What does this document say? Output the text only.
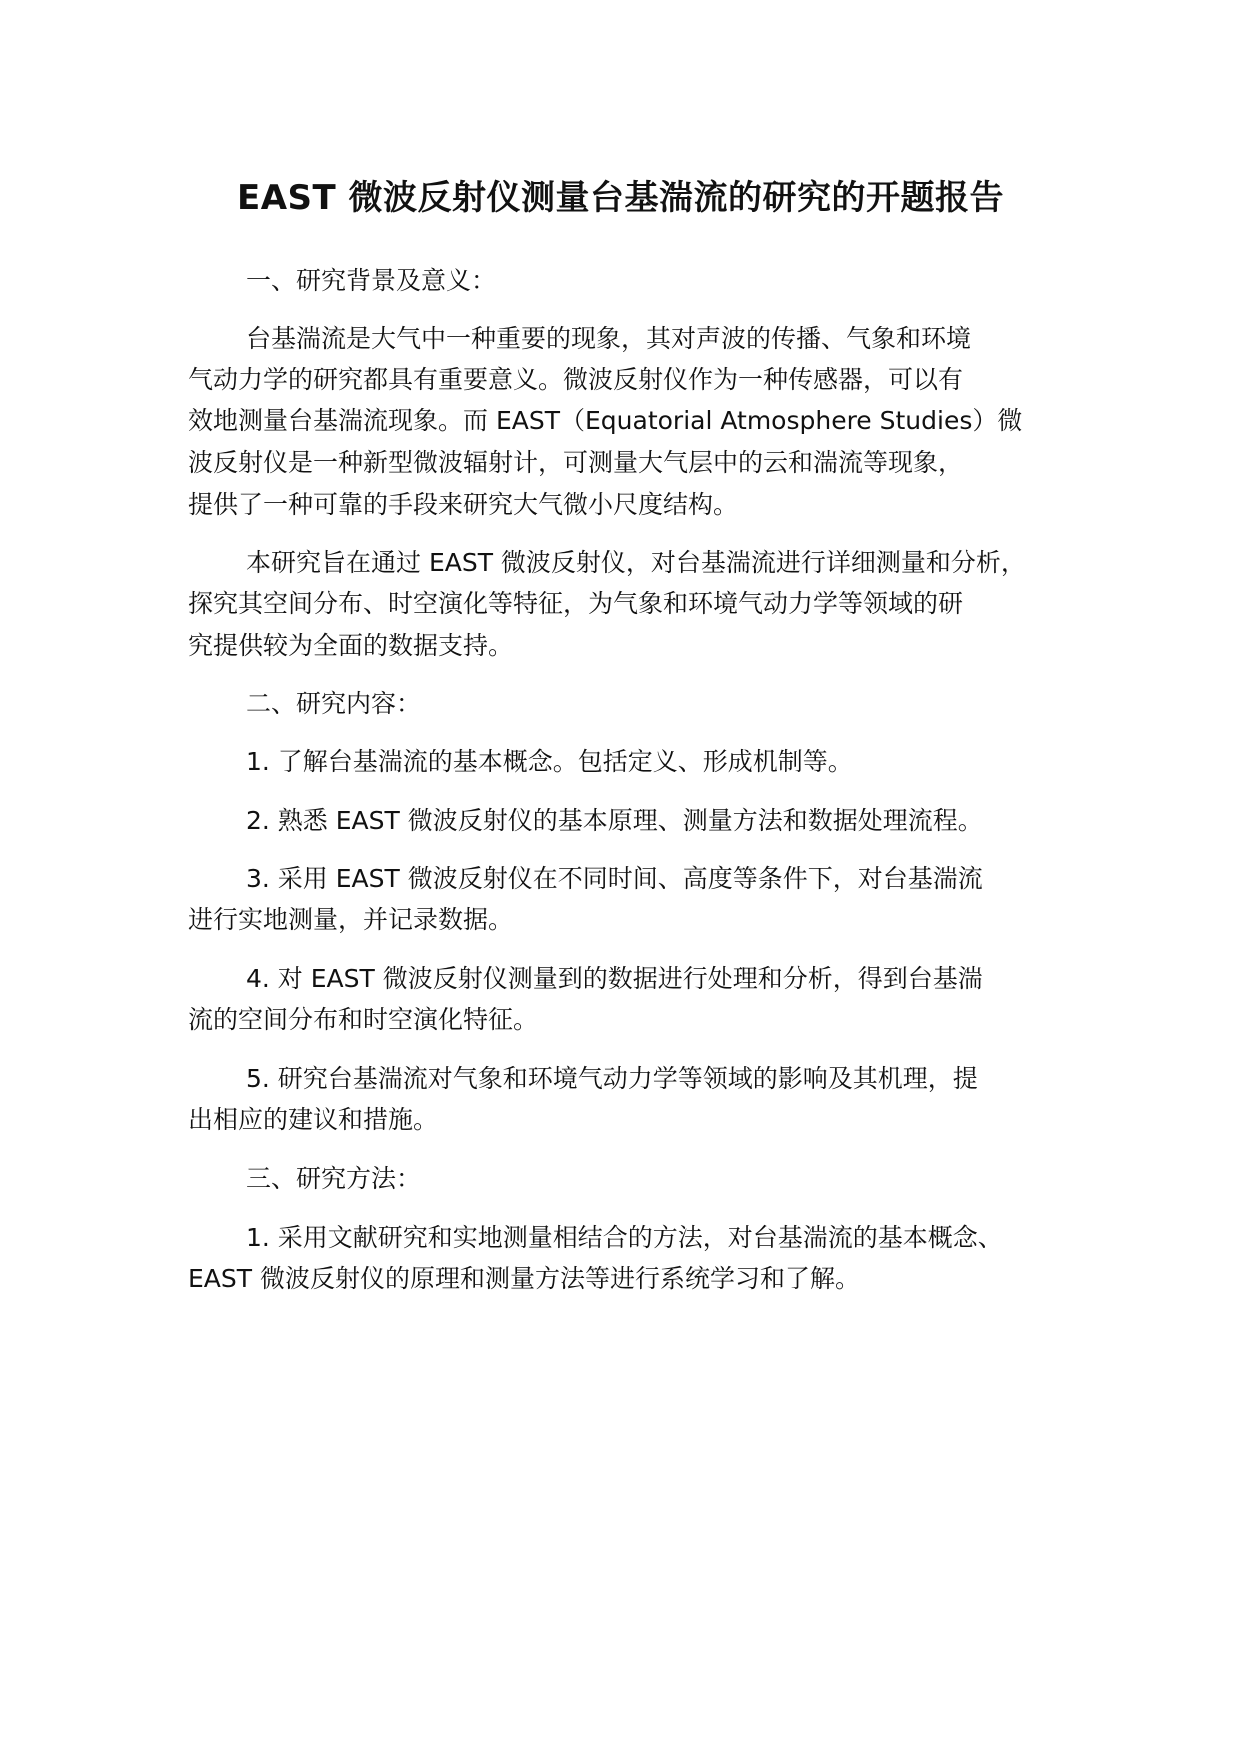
EAST 微波反射仪测量台基湍流的研究的开题报告
一、研究背景及意义：
台基湍流是大气中一种重要的现象，其对声波的传播、气象和环境
气动力学的研究都具有重要意义。微波反射仪作为一种传感器，可以有
效地测量台基湍流现象。而 EAST（Equatorial Atmosphere Studies）微
波反射仪是一种新型微波辐射计，可测量大气层中的云和湍流等现象，
提供了一种可靠的手段来研究大气微小尺度结构。
本研究旨在通过 EAST 微波反射仪，对台基湍流进行详细测量和分析，
探究其空间分布、时空演化等特征，为气象和环境气动力学等领域的研
究提供较为全面的数据支持。
二、研究内容：
1. 了解台基湍流的基本概念。包括定义、形成机制等。
2. 熟悉 EAST 微波反射仪的基本原理、测量方法和数据处理流程。
3. 采用 EAST 微波反射仪在不同时间、高度等条件下，对台基湍流
进行实地测量，并记录数据。
4. 对 EAST 微波反射仪测量到的数据进行处理和分析，得到台基湍
流的空间分布和时空演化特征。
5. 研究台基湍流对气象和环境气动力学等领域的影响及其机理，提
出相应的建议和措施。
三、研究方法：
1. 采用文献研究和实地测量相结合的方法，对台基湍流的基本概念、
EAST 微波反射仪的原理和测量方法等进行系统学习和了解。
